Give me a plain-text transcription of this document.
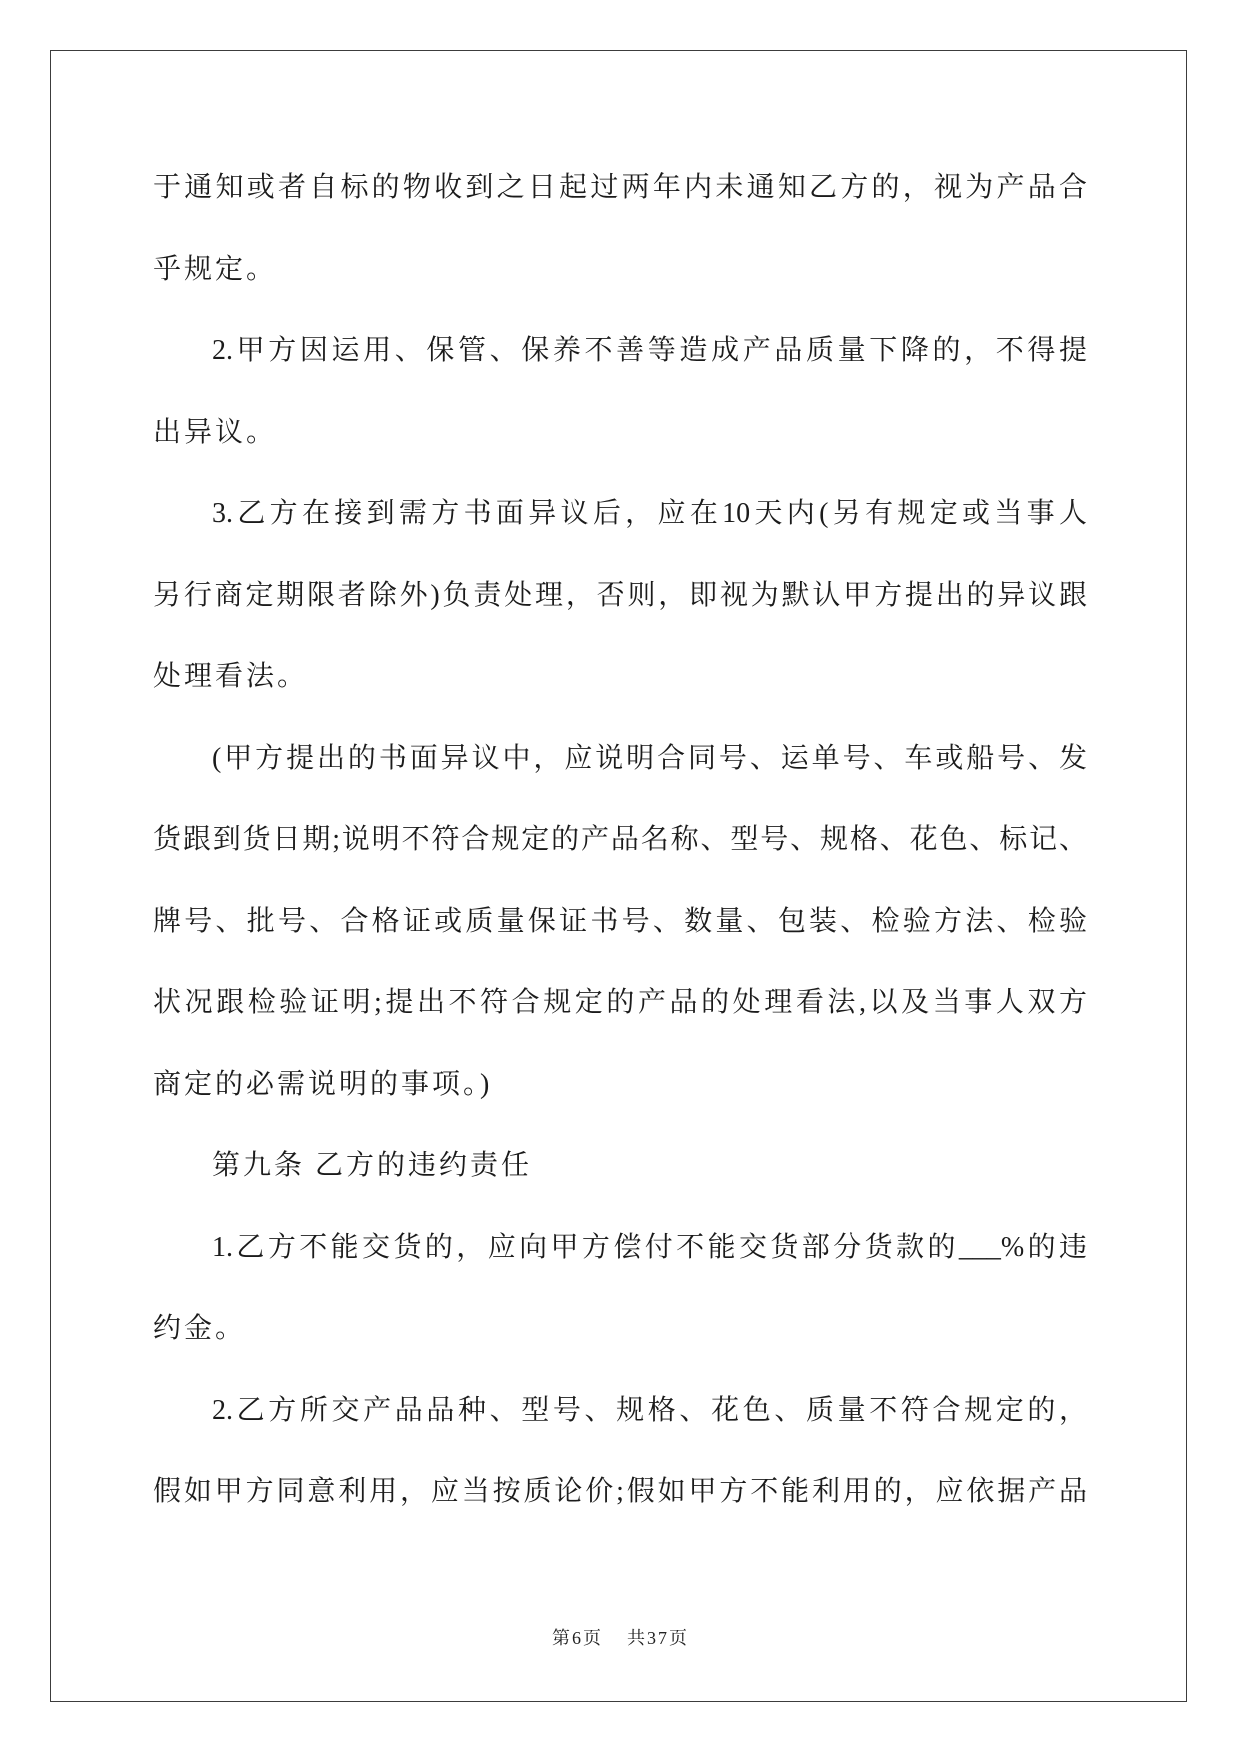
于通知或者自标的物收到之日起过两年内未通知乙方的，视为产品合
乎规定。
2.甲方因运用、保管、保养不善等造成产品质量下降的，不得提
出异议。
3.乙方在接到需方书面异议后，应在10天内(另有规定或当事人
另行商定期限者除外)负责处理，否则，即视为默认甲方提出的异议跟
处理看法。
(甲方提出的书面异议中，应说明合同号、运单号、车或船号、发
货跟到货日期;说明不符合规定的产品名称、型号、规格、花色、标记、
牌号、批号、合格证或质量保证书号、数量、包装、检验方法、检验
状况跟检验证明;提出不符合规定的产品的处理看法,以及当事人双方
商定的必需说明的事项。)
第九条 乙方的违约责任
1.乙方不能交货的，应向甲方偿付不能交货部分货款的___%的违
约金。
2.乙方所交产品品种、型号、规格、花色、质量不符合规定的，
假如甲方同意利用，应当按质论价;假如甲方不能利用的，应依据产品
第6页 共37页
